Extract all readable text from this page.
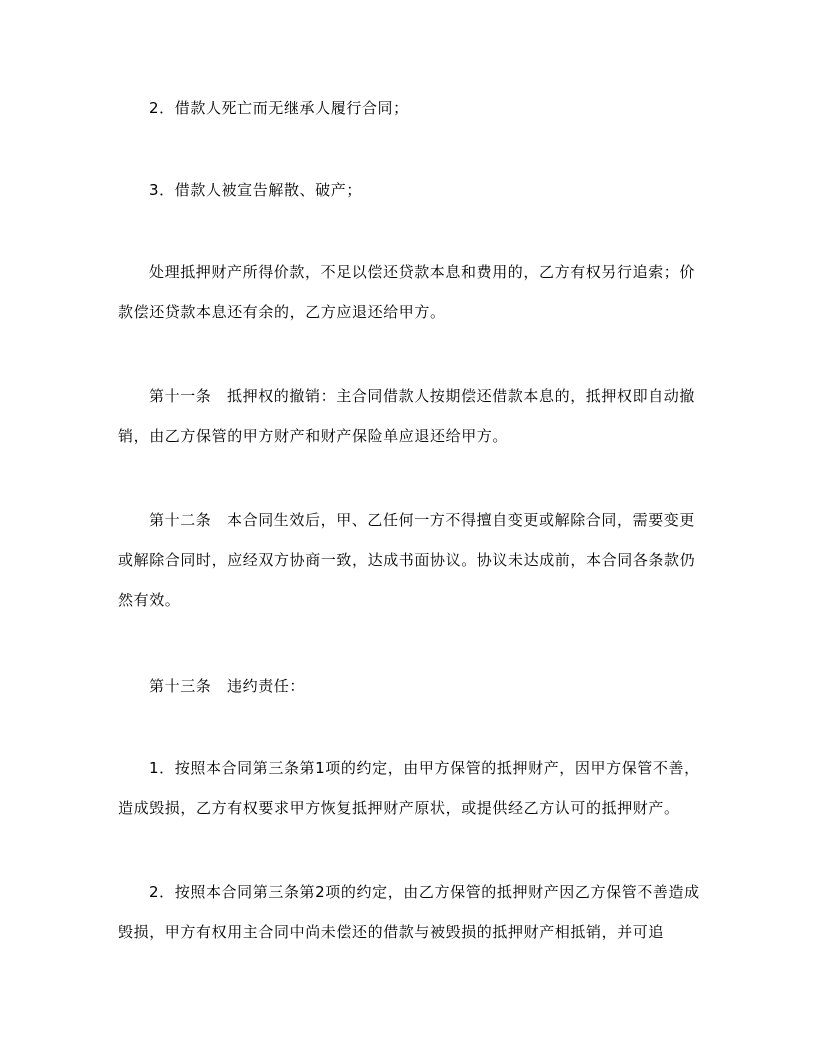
2．借款人死亡而无继承人履行合同；

3．借款人被宣告解散、破产；

处理抵押财产所得价款，不足以偿还贷款本息和费用的，乙方有权另行追索；价款偿还贷款本息还有余的，乙方应退还给甲方。

第十一条　抵押权的撤销：主合同借款人按期偿还借款本息的，抵押权即自动撤销，由乙方保管的甲方财产和财产保险单应退还给甲方。

第十二条　本合同生效后，甲、乙任何一方不得擅自变更或解除合同，需要变更或解除合同时，应经双方协商一致，达成书面协议。协议未达成前，本合同各条款仍然有效。

第十三条　违约责任：

1．按照本合同第三条第1项的约定，由甲方保管的抵押财产，因甲方保管不善，造成毁损，乙方有权要求甲方恢复抵押财产原状，或提供经乙方认可的抵押财产。

2．按照本合同第三条第2项的约定，由乙方保管的抵押财产因乙方保管不善造成毁损，甲方有权用主合同中尚未偿还的借款与被毁损的抵押财产相抵销，并可追
